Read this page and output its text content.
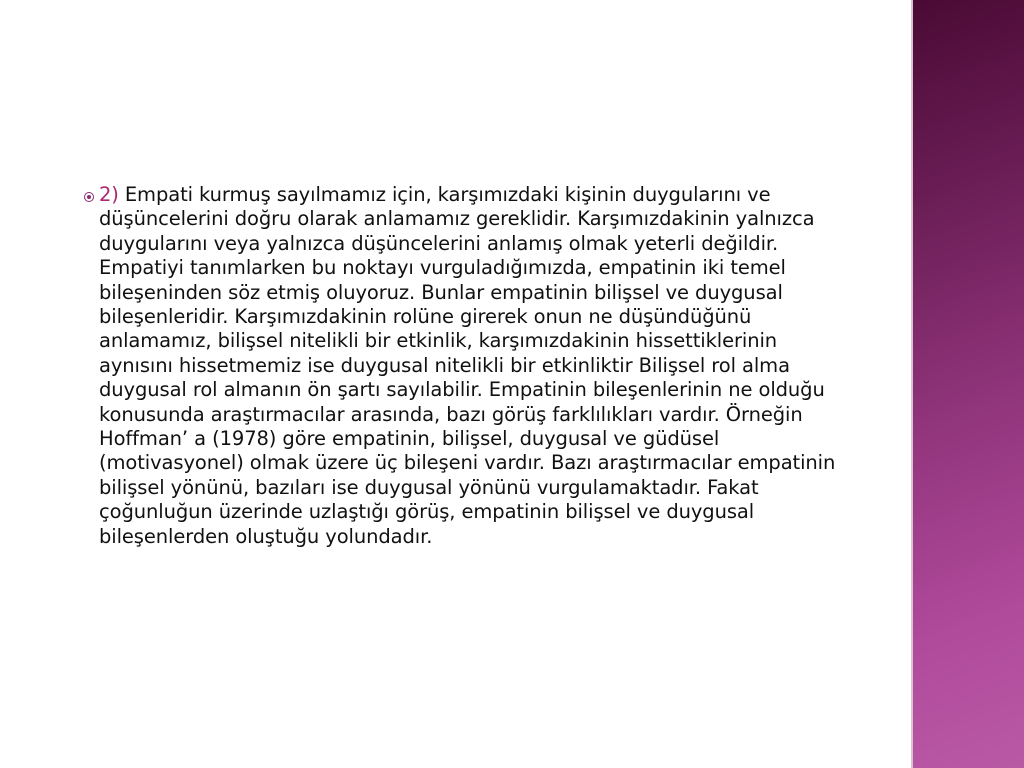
2) Empati kurmuş sayılmamız için, karşımızdaki kişinin duygularını ve düşüncelerini doğru olarak anlamamız gereklidir. Karşımızdakinin yalnızca duygularını veya yalnızca düşüncelerini anlamış olmak yeterli değildir. Empatiyi tanımlarken bu noktayı vurguladığımızda, empatinin iki temel bileşeninden söz etmiş oluyoruz. Bunlar empatinin bilişsel ve duygusal bileşenleridir. Karşımızdakinin rolüne girerek onun ne düşündüğünü anlamamız, bilişsel nitelikli bir etkinlik, karşımızdakinin hissettiklerinin aynısını hissetmemiz ise duygusal nitelikli bir etkinliktir Bilişsel rol alma duygusal rol almanın ön şartı sayılabilir. Empatinin bileşenlerinin ne olduğu konusunda araştırmacılar arasında, bazı görüş farklılıkları vardır. Örneğin Hoffman’ a (1978) göre empatinin, bilişsel, duygusal ve güdüsel (motivasyonel) olmak üzere üç bileşeni vardır. Bazı araştırmacılar empatinin bilişsel yönünü, bazıları ise duygusal yönünü vurgulamaktadır. Fakat çoğunluğun üzerinde uzlaştığı görüş, empatinin bilişsel ve duygusal bileşenlerden oluştuğu yolundadır.
